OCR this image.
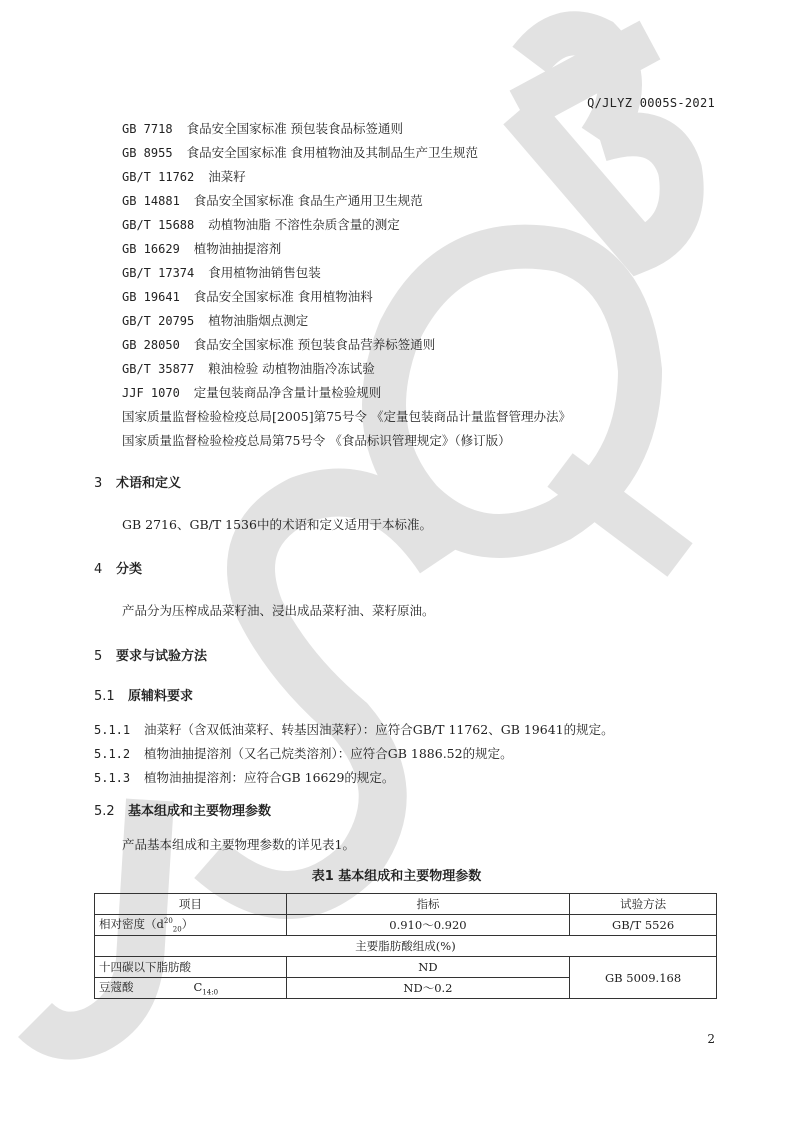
Q/JLYZ 0005S-2021
GB 7718 食品安全国家标准 预包装食品标签通则
GB 8955 食品安全国家标准 食用植物油及其制品生产卫生规范
GB/T 11762 油菜籽
GB 14881 食品安全国家标准 食品生产通用卫生规范
GB/T 15688 动植物油脂 不溶性杂质含量的测定
GB 16629 植物油抽提溶剂
GB/T 17374 食用植物油销售包装
GB 19641 食品安全国家标准 食用植物油料
GB/T 20795 植物油脂烟点测定
GB 28050 食品安全国家标准 预包装食品营养标签通则
GB/T 35877 粮油检验 动植物油脂冷冻试验
JJF 1070 定量包装商品净含量计量检验规则
国家质量监督检验检疫总局[2005]第75号令 《定量包装商品计量监督管理办法》
国家质量监督检验检疫总局第75号令 《食品标识管理规定》（修订版）
3 术语和定义
GB 2716、GB/T 1536中的术语和定义适用于本标准。
4 分类
产品分为压榨成品菜籽油、浸出成品菜籽油、菜籽原油。
5 要求与试验方法
5.1 原辅料要求
5.1.1 油菜籽（含双低油菜籽、转基因油菜籽）：应符合GB/T 11762、GB 19641的规定。
5.1.2 植物油抽提溶剂（又名己烷类溶剂）：应符合GB 1886.52的规定。
5.1.3 植物油抽提溶剂：应符合GB 16629的规定。
5.2 基本组成和主要物理参数
产品基本组成和主要物理参数的详见表1。
表1 基本组成和主要物理参数
项目	指标	试验方法
相对密度$(d^{20}_{20})$	0.910～0.920	GB/T 5526
主要脂肪酸组成(%)		
十四碳以下脂肪酸	ND	GB 5009.168
豆蔻酸 $C_{14:0}$	ND～0.2	
2
